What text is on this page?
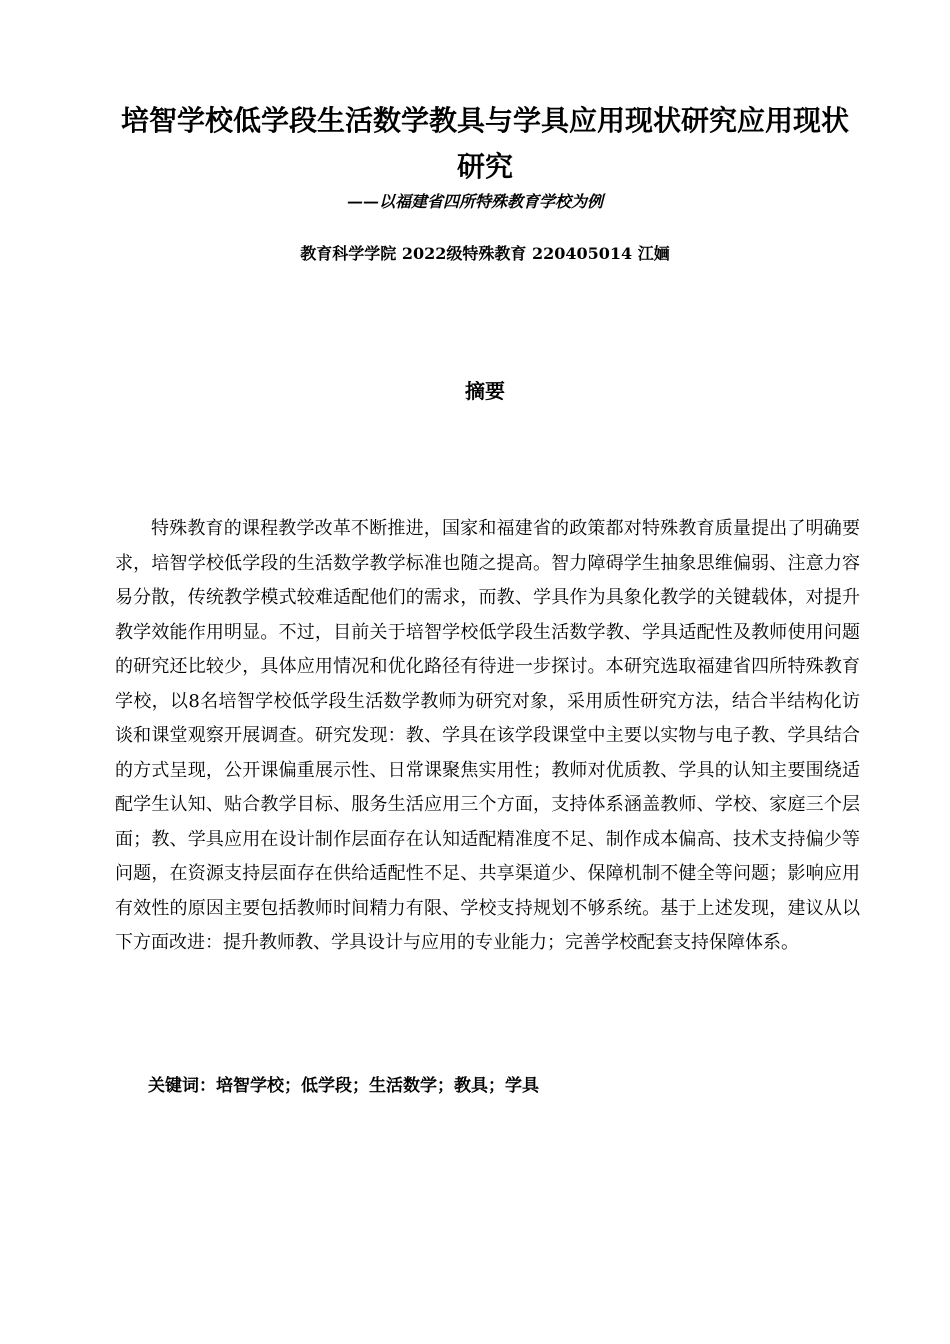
培智学校低学段生活数学教具与学具应用现状研究应用现状研究

——以福建省四所特殊教育学校为例

教育科学学院 2022级特殊教育 220405014 江婳

摘要

特殊教育的课程教学改革不断推进，国家和福建省的政策都对特殊教育质量提出了明确要求，培智学校低学段的生活数学教学标准也随之提高。智力障碍学生抽象思维偏弱、注意力容易分散，传统教学模式较难适配他们的需求，而教、学具作为具象化教学的关键载体，对提升教学效能作用明显。不过，目前关于培智学校低学段生活数学教、学具适配性及教师使用问题的研究还比较少，具体应用情况和优化路径有待进一步探讨。本研究选取福建省四所特殊教育学校，以8名培智学校低学段生活数学教师为研究对象，采用质性研究方法，结合半结构化访谈和课堂观察开展调查。研究发现：教、学具在该学段课堂中主要以实物与电子教、学具结合的方式呈现，公开课偏重展示性、日常课聚焦实用性；教师对优质教、学具的认知主要围绕适配学生认知、贴合教学目标、服务生活应用三个方面，支持体系涵盖教师、学校、家庭三个层面；教、学具应用在设计制作层面存在认知适配精准度不足、制作成本偏高、技术支持偏少等问题，在资源支持层面存在供给适配性不足、共享渠道少、保障机制不健全等问题；影响应用有效性的原因主要包括教师时间精力有限、学校支持规划不够系统。基于上述发现，建议从以下方面改进：提升教师教、学具设计与应用的专业能力；完善学校配套支持保障体系。

关键词：培智学校；低学段；生活数学；教具；学具
